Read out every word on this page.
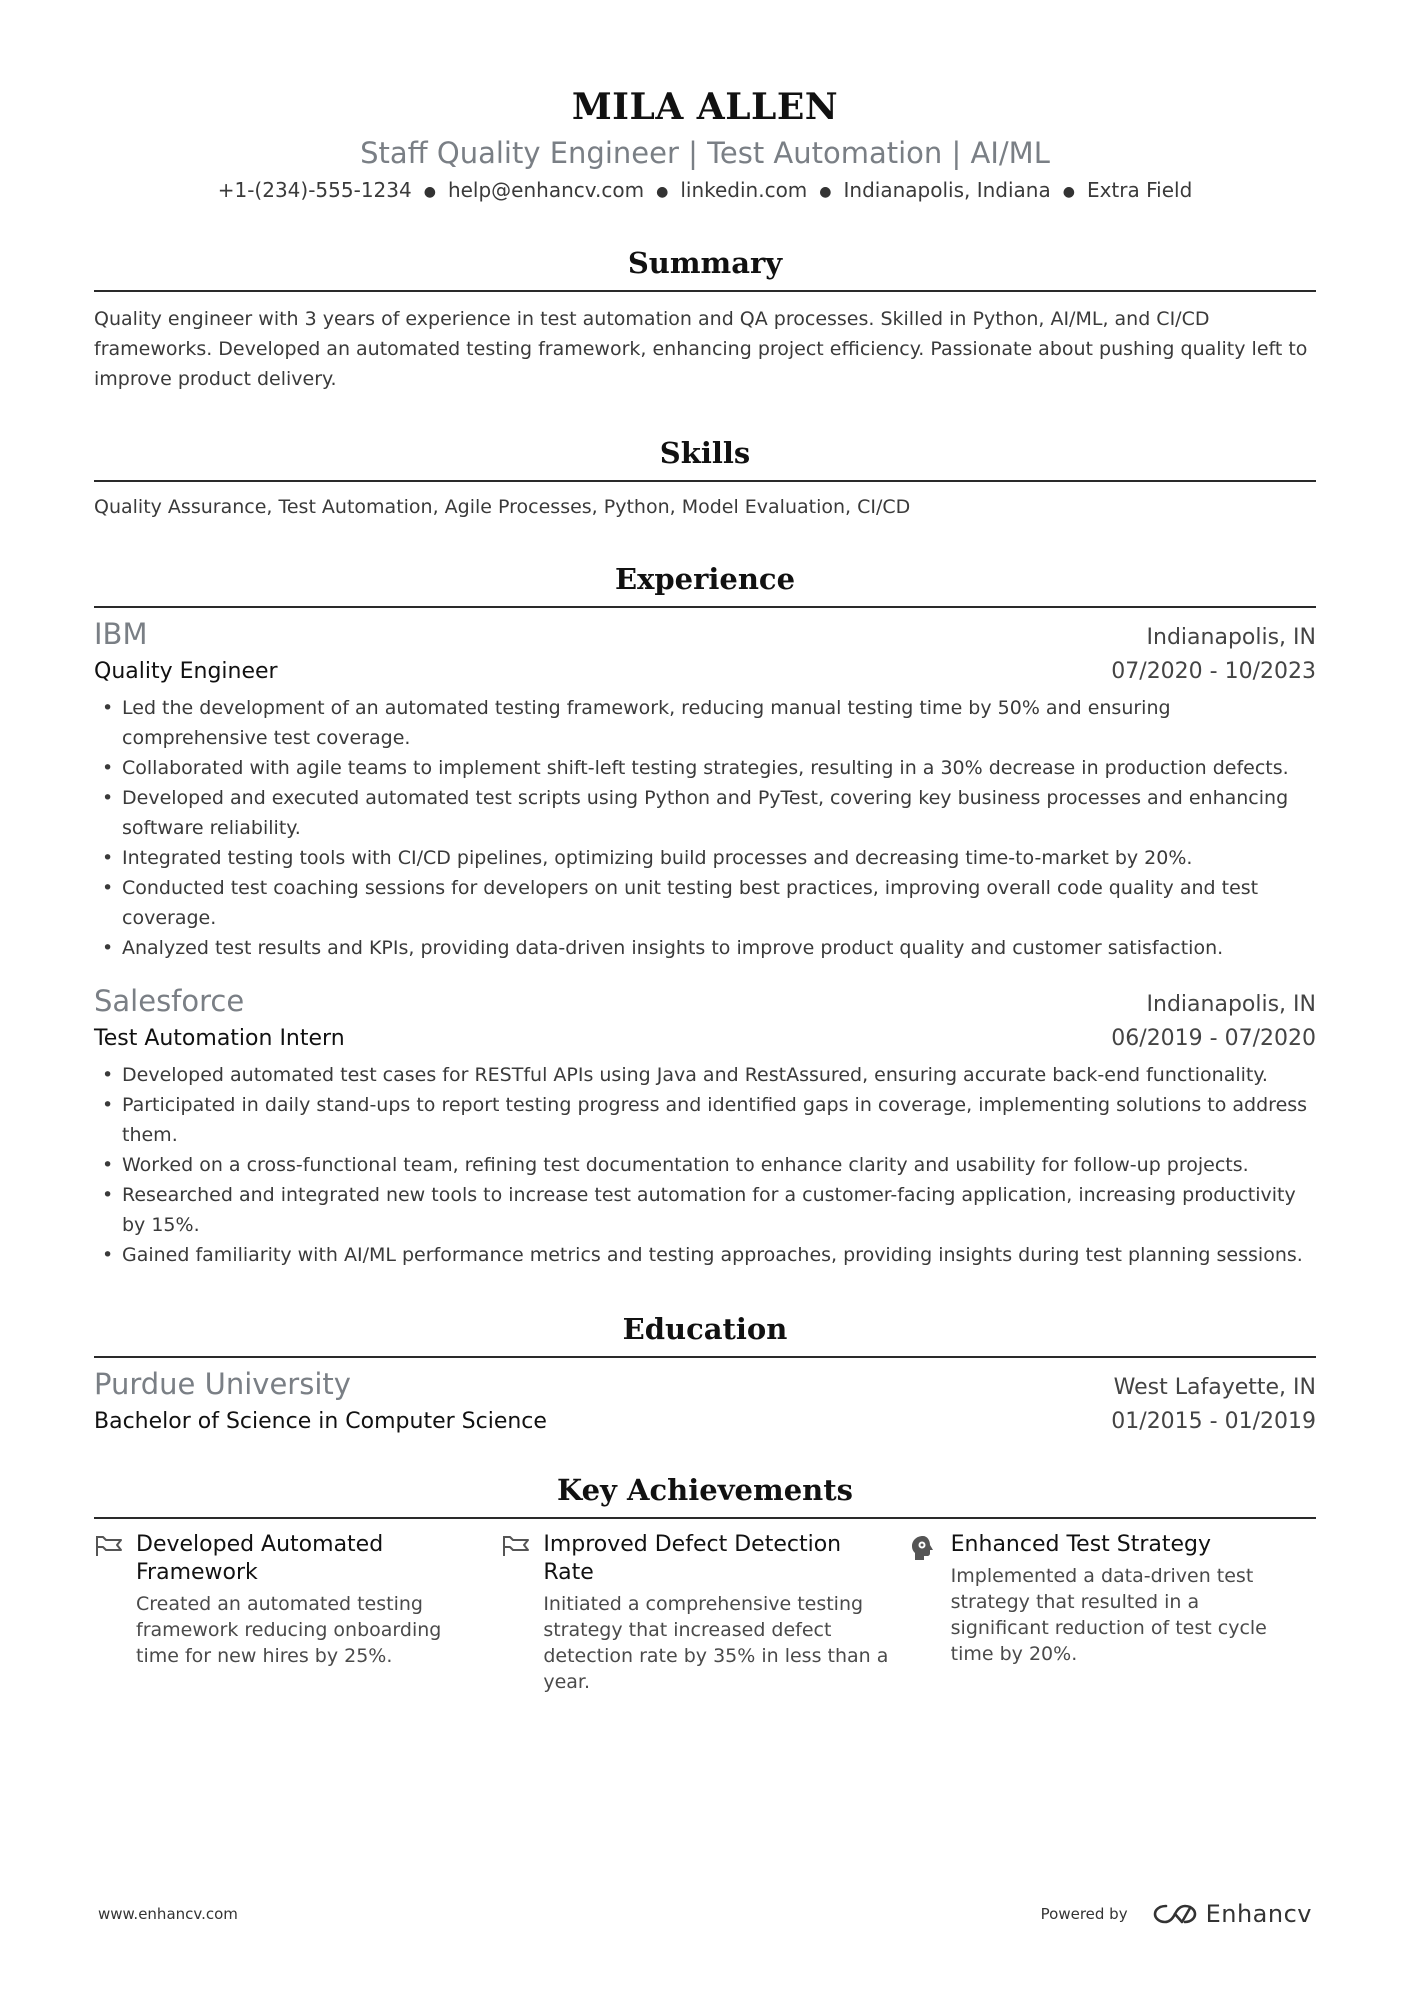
MILA ALLEN
Staff Quality Engineer | Test Automation | AI/ML
+1-(234)-555-1234 ● help@enhancv.com ● linkedin.com ● Indianapolis, Indiana ● Extra Field
Summary
Quality engineer with 3 years of experience in test automation and QA processes. Skilled in Python, AI/ML, and CI/CD frameworks. Developed an automated testing framework, enhancing project efficiency. Passionate about pushing quality left to improve product delivery.
Skills
Quality Assurance, Test Automation, Agile Processes, Python, Model Evaluation, CI/CD
Experience
IBM	Indianapolis, IN
Quality Engineer	07/2020 - 10/2023
• Led the development of an automated testing framework, reducing manual testing time by 50% and ensuring comprehensive test coverage.
• Collaborated with agile teams to implement shift-left testing strategies, resulting in a 30% decrease in production defects.
• Developed and executed automated test scripts using Python and PyTest, covering key business processes and enhancing software reliability.
• Integrated testing tools with CI/CD pipelines, optimizing build processes and decreasing time-to-market by 20%.
• Conducted test coaching sessions for developers on unit testing best practices, improving overall code quality and test coverage.
• Analyzed test results and KPIs, providing data-driven insights to improve product quality and customer satisfaction.
Salesforce	Indianapolis, IN
Test Automation Intern	06/2019 - 07/2020
• Developed automated test cases for RESTful APIs using Java and RestAssured, ensuring accurate back-end functionality.
• Participated in daily stand-ups to report testing progress and identified gaps in coverage, implementing solutions to address them.
• Worked on a cross-functional team, refining test documentation to enhance clarity and usability for follow-up projects.
• Researched and integrated new tools to increase test automation for a customer-facing application, increasing productivity by 15%.
• Gained familiarity with AI/ML performance metrics and testing approaches, providing insights during test planning sessions.
Education
Purdue University	West Lafayette, IN
Bachelor of Science in Computer Science	01/2015 - 01/2019
Key Achievements
Developed Automated Framework
Created an automated testing framework reducing onboarding time for new hires by 25%.
Improved Defect Detection Rate
Initiated a comprehensive testing strategy that increased defect detection rate by 35% in less than a year.
Enhanced Test Strategy
Implemented a data-driven test strategy that resulted in a significant reduction of test cycle time by 20%.
www.enhancv.com	Powered by	Enhancv
